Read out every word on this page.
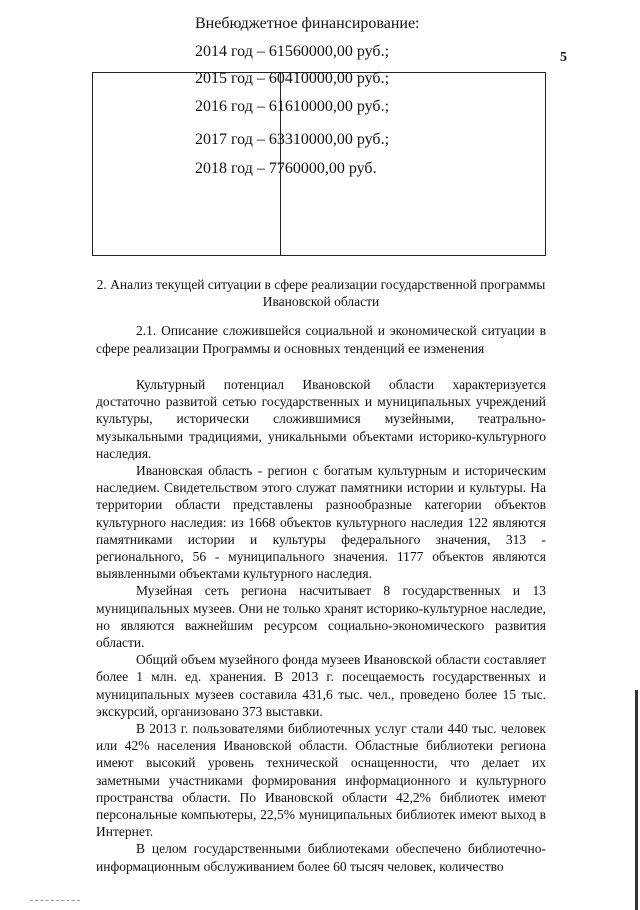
5
Внебюджетное финансирование:
2014 год – 61560000,00 руб.;
2015 год – 60410000,00 руб.;
2016 год – 61610000,00 руб.;
2017 год – 63310000,00 руб.;
2018 год – 7760000,00 руб.
2. Анализ текущей ситуации в сфере реализации государственной программы Ивановской области
2.1. Описание сложившейся социальной и экономической ситуации в сфере реализации Программы и основных тенденций ее изменения

Культурный потенциал Ивановской области характеризуется достаточно развитой сетью государственных и муниципальных учреждений культуры, исторически сложившимися музейными, театрально-музыкальными традициями, уникальными объектами историко-культурного наследия.

Ивановская область - регион с богатым культурным и историческим наследием. Свидетельством этого служат памятники истории и культуры. На территории области представлены разнообразные категории объектов культурного наследия: из 1668 объектов культурного наследия 122 являются памятниками истории и культуры федерального значения, 313 - регионального, 56 - муниципального значения. 1177 объектов являются выявленными объектами культурного наследия.

Музейная сеть региона насчитывает 8 государственных и 13 муниципальных музеев. Они не только хранят историко-культурное наследие, но являются важнейшим ресурсом социально-экономического развития области.

Общий объем музейного фонда музеев Ивановской области составляет более 1 млн. ед. хранения. В 2013 г. посещаемость государственных и муниципальных музеев составила 431,6 тыс. чел., проведено более 15 тыс. экскурсий, организовано 373 выставки.

В 2013 г. пользователями библиотечных услуг стали 440 тыс. человек или 42% населения Ивановской области. Областные библиотеки региона имеют высокий уровень технической оснащенности, что делает их заметными участниками формирования информационного и культурного пространства области. По Ивановской области 42,2% библиотек имеют персональные компьютеры, 22,5% муниципальных библиотек имеют выход в Интернет.

В целом государственными библиотеками обеспечено библиотечно-информационным обслуживанием более 60 тысяч человек, количество
